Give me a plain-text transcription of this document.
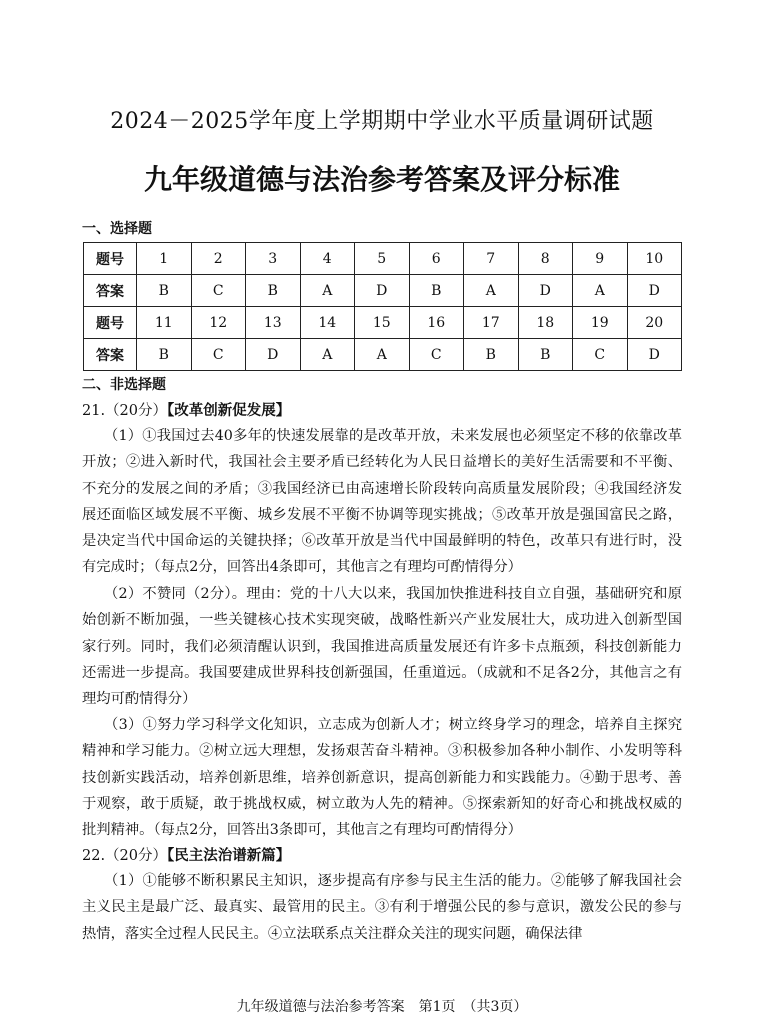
2024－2025学年度上学期期中学业水平质量调研试题
九年级道德与法治参考答案及评分标准
一、选择题
题号	1	2	3	4	5	6	7	8	9	10
答案	B	C	B	A	D	B	A	D	A	D
题号	11	12	13	14	15	16	17	18	19	20
答案	B	C	D	A	A	C	B	B	C	D
二、非选择题
21.（20分）【改革创新促发展】

（1）①我国过去40多年的快速发展靠的是改革开放，未来发展也必须坚定不移的依靠改革开放；②进入新时代，我国社会主要矛盾已经转化为人民日益增长的美好生活需要和不平衡、不充分的发展之间的矛盾；③我国经济已由高速增长阶段转向高质量发展阶段；④我国经济发展还面临区域发展不平衡、城乡发展不平衡不协调等现实挑战；⑤改革开放是强国富民之路，是决定当代中国命运的关键抉择；⑥改革开放是当代中国最鲜明的特色，改革只有进行时，没有完成时；（每点2分，回答出4条即可，其他言之有理均可酌情得分）

（2）不赞同（2分）。理由：党的十八大以来，我国加快推进科技自立自强，基础研究和原始创新不断加强，一些关键核心技术实现突破，战略性新兴产业发展壮大，成功进入创新型国家行列。同时，我们必须清醒认识到，我国推进高质量发展还有许多卡点瓶颈，科技创新能力还需进一步提高。我国要建成世界科技创新强国，任重道远。（成就和不足各2分，其他言之有理均可酌情得分）

（3）①努力学习科学文化知识，立志成为创新人才；树立终身学习的理念，培养自主探究精神和学习能力。②树立远大理想，发扬艰苦奋斗精神。③积极参加各种小制作、小发明等科技创新实践活动，培养创新思维，培养创新意识，提高创新能力和实践能力。④勤于思考、善于观察，敢于质疑，敢于挑战权威，树立敢为人先的精神。⑤探索新知的好奇心和挑战权威的批判精神。（每点2分，回答出3条即可，其他言之有理均可酌情得分）

22.（20分）【民主法治谱新篇】

（1）①能够不断积累民主知识，逐步提高有序参与民主生活的能力。②能够了解我国社会主义民主是最广泛、最真实、最管用的民主。③有利于增强公民的参与意识，激发公民的参与热情，落实全过程人民民主。④立法联系点关注群众关注的现实问题，确保法律

九年级道德与法治参考答案　第1页　（共3页）
